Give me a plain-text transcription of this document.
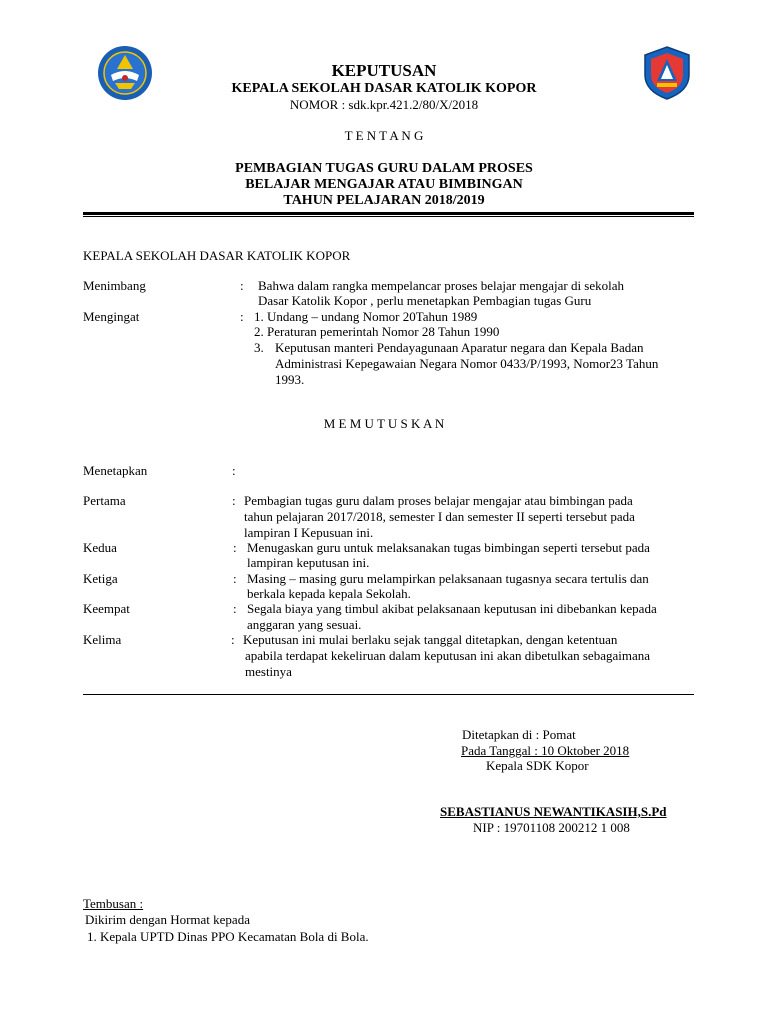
KEPUTUSAN
KEPALA SEKOLAH DASAR KATOLIK KOPOR
NOMOR : sdk.kpr.421.2/80/X/2018
T E N T A N G
PEMBAGIAN TUGAS GURU DALAM PROSES
BELAJAR MENGAJAR ATAU BIMBINGAN
TAHUN PELAJARAN 2018/2019
KEPALA SEKOLAH DASAR KATOLIK KOPOR
Menimbang	: Bahwa dalam rangka mempelancar proses belajar mengajar di sekolah
Dasar Katolik Kopor , perlu menetapkan Pembagian tugas Guru
Mengingat	: 1. Undang – undang Nomor 20Tahun 1989
2. Peraturan pemerintah Nomor 28 Tahun 1990
3. Keputusan manteri Pendayagunaan Aparatur negara dan Kepala Badan
Administrasi Kepegawaian Negara Nomor 0433/P/1993, Nomor23 Tahun
1993.
M E M U T U S K A N
Menetapkan	:
Pertama	: Pembagian tugas guru dalam proses belajar mengajar atau bimbingan pada
tahun pelajaran 2017/2018, semester I dan semester II seperti tersebut pada
lampiran I Kepusuan ini.
Kedua	: Menugaskan guru untuk melaksanakan tugas bimbingan seperti tersebut pada
lampiran keputusan ini.
Ketiga	: Masing – masing guru melampirkan pelaksanaan tugasnya secara tertulis dan
berkala kepada kepala Sekolah.
Keempat	: Segala biaya yang timbul akibat pelaksanaan keputusan ini dibebankan kepada
anggaran yang sesuai.
Kelima	: Keputusan ini mulai berlaku sejak tanggal ditetapkan, dengan ketentuan
apabila terdapat kekeliruan dalam keputusan ini akan dibetulkan sebagaimana
mestinya
Ditetapkan di : Pomat
Pada Tanggal : 10 Oktober 2018
Kepala SDK Kopor
SEBASTIANUS NEWANTIKASIH,S.Pd
NIP : 19701108 200212 1 008
Tembusan :
Dikirim dengan Hormat kepada
1. Kepala UPTD Dinas PPO Kecamatan Bola di Bola.
